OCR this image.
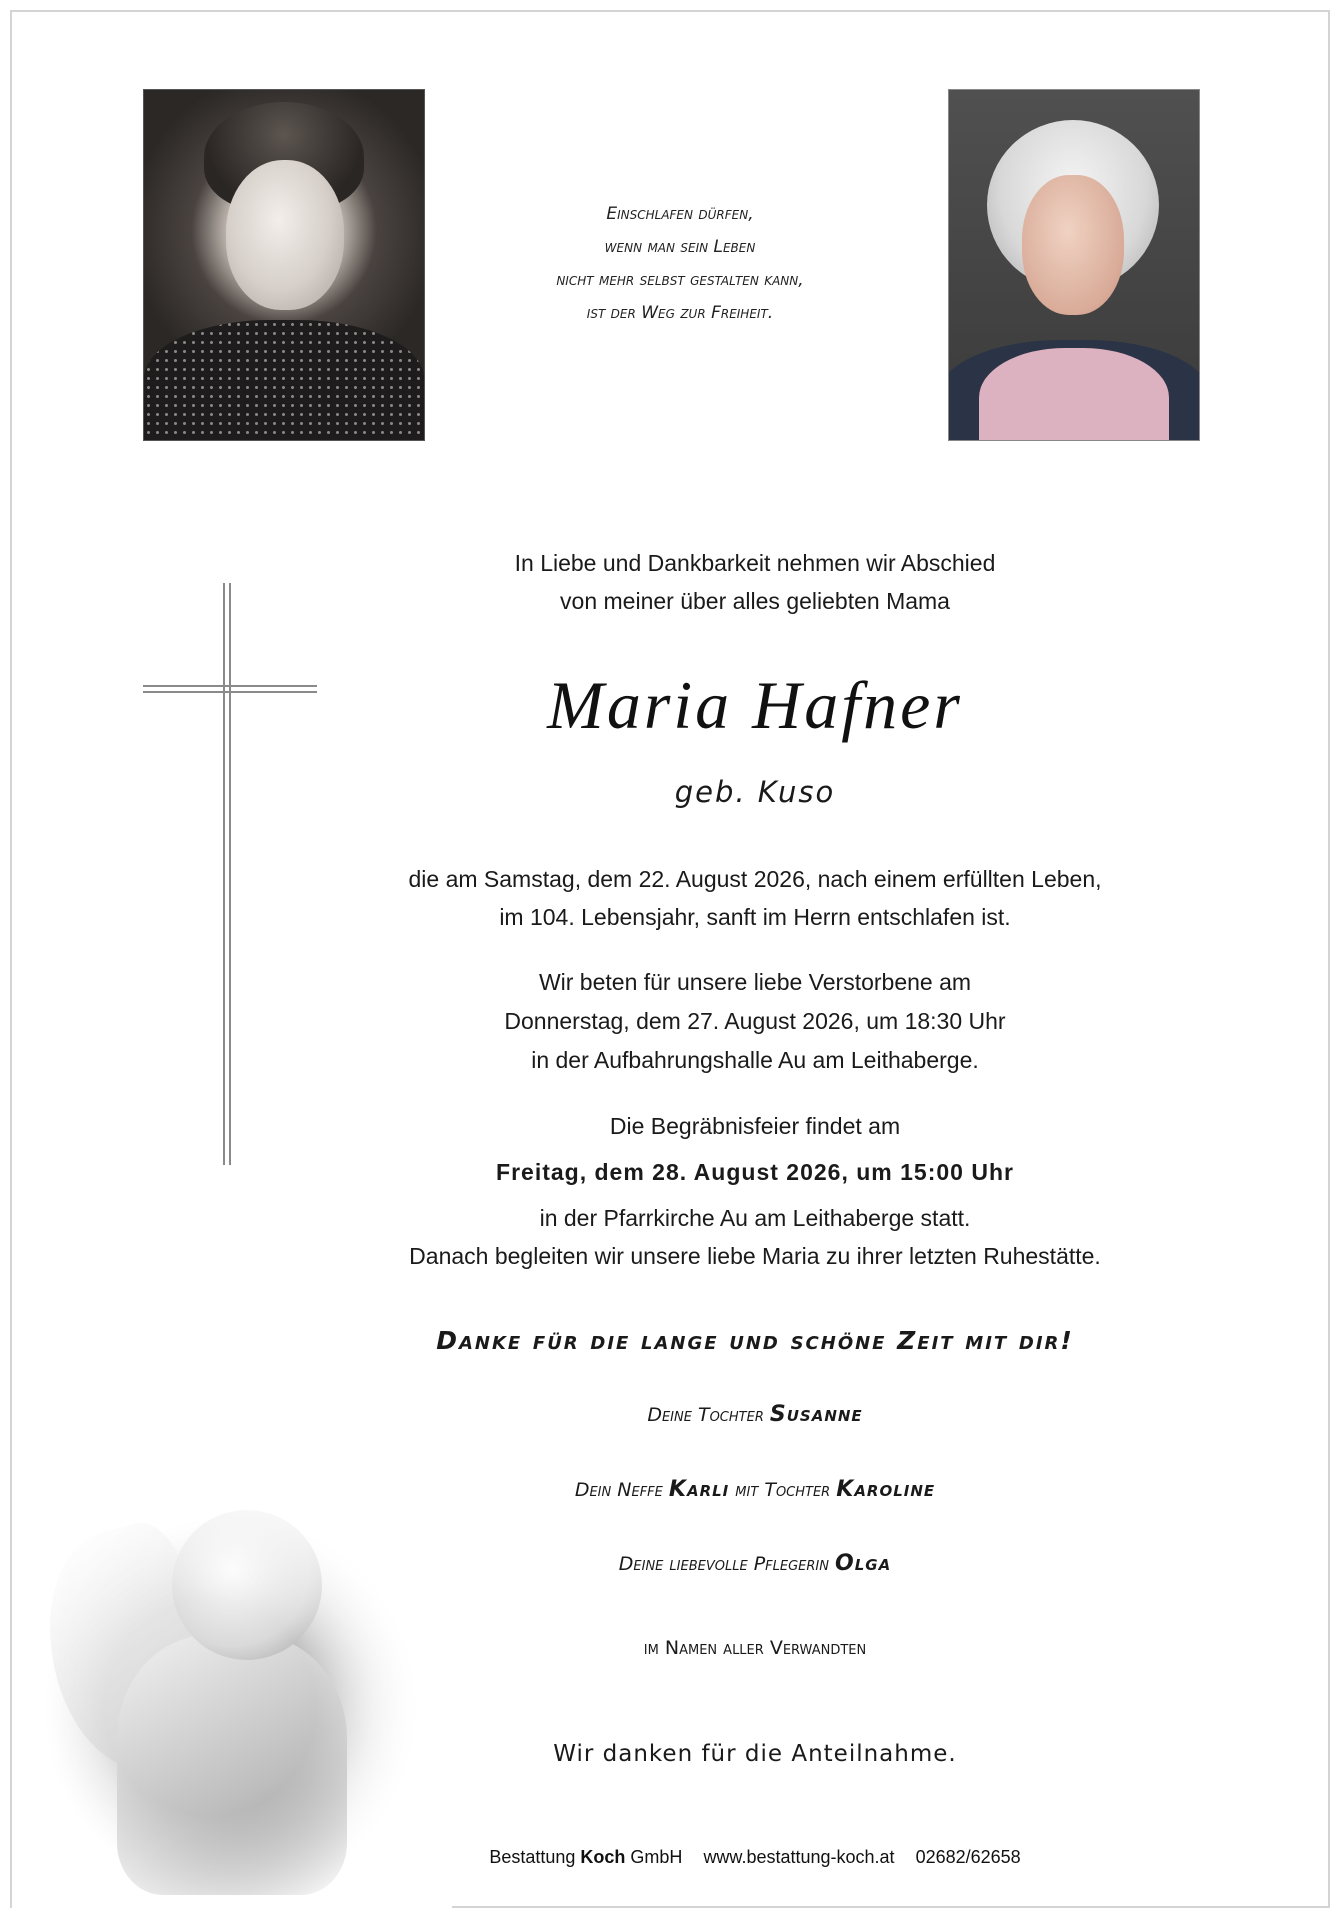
Einschlafen dürfen,
wenn man sein Leben
nicht mehr selbst gestalten kann,
ist der Weg zur Freiheit.
In Liebe und Dankbarkeit nehmen wir Abschied
von meiner über alles geliebten Mama
Maria Hafner
geb. Kuso
die am Samstag, dem 22. August 2026, nach einem erfüllten Leben,
im 104. Lebensjahr, sanft im Herrn entschlafen ist.
Wir beten für unsere liebe Verstorbene am
Donnerstag, dem 27. August 2026, um 18:30 Uhr
in der Aufbahrungshalle Au am Leithaberge.
Die Begräbnisfeier findet am
Freitag, dem 28. August 2026, um 15:00 Uhr
in der Pfarrkirche Au am Leithaberge statt.
Danach begleiten wir unsere liebe Maria zu ihrer letzten Ruhestätte.
Danke für die lange und schöne Zeit mit dir!
Deine Tochter Susanne
Dein Neffe Karli mit Tochter Karoline
Deine liebevolle Pflegerin Olga
im Namen aller Verwandten
Wir danken für die Anteilnahme.
Bestattung Koch GmbH www.bestattung-koch.at 02682/62658
